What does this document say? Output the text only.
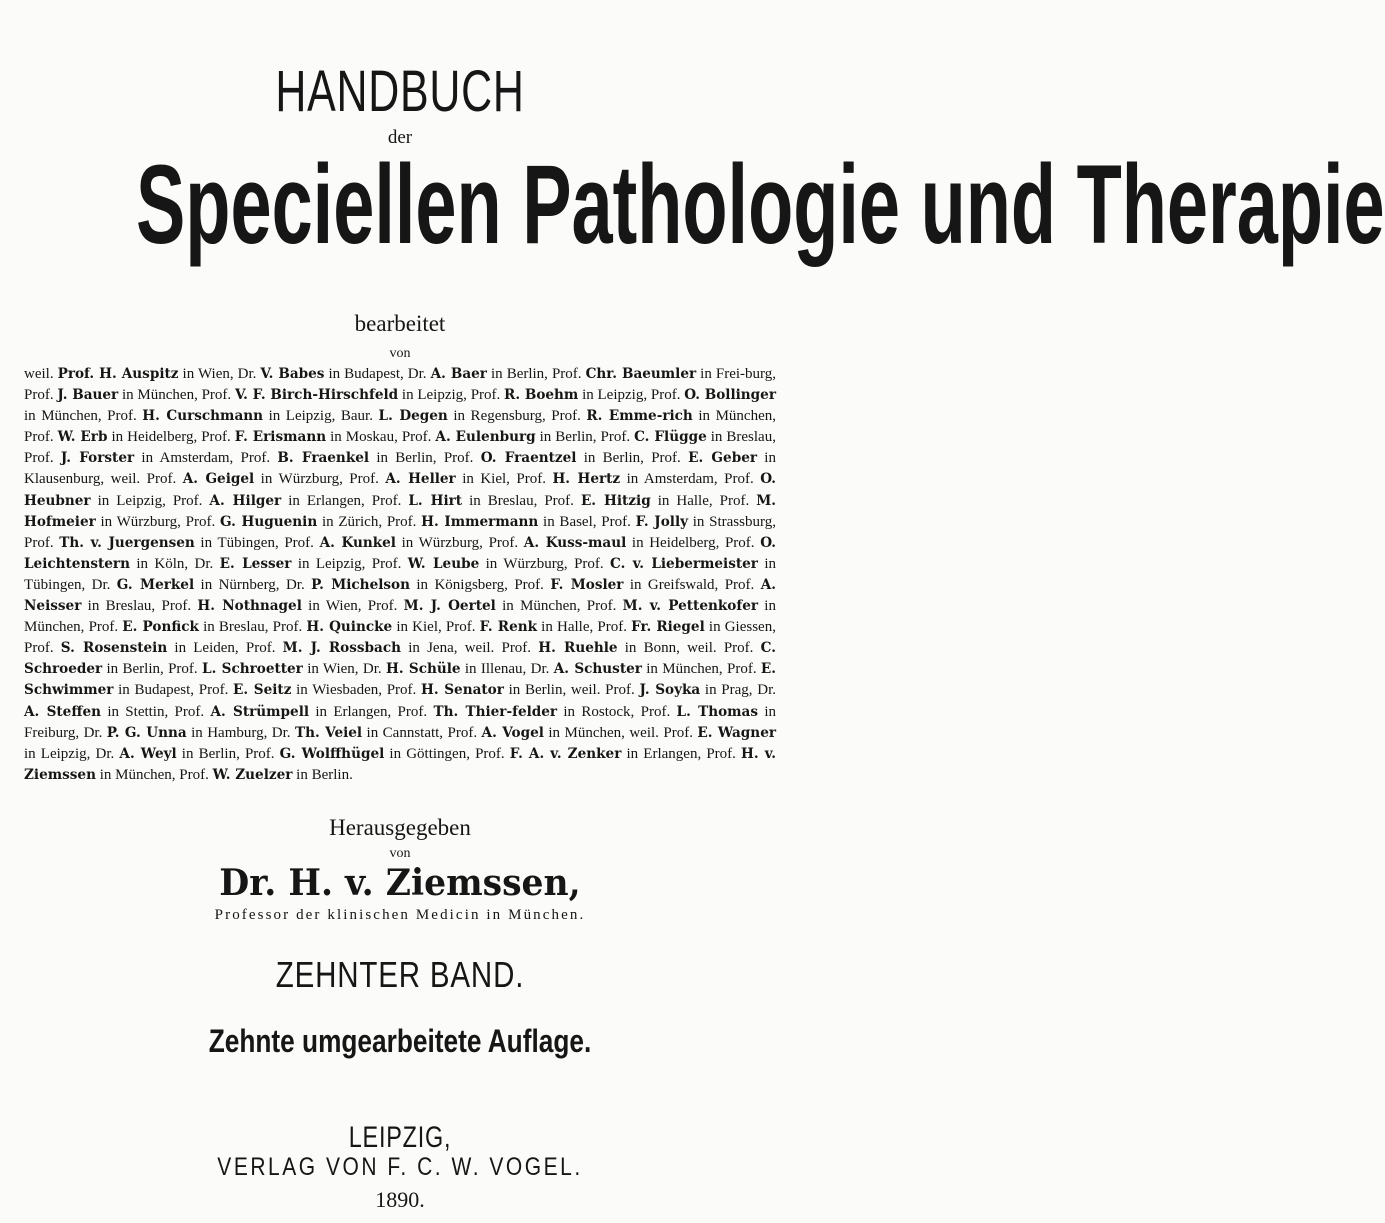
HANDBUCH
der
Speciellen Pathologie und Therapie
bearbeitet
von
weil. Prof. H. Auspitz in Wien, Dr. V. Babes in Budapest, Dr. A. Baer in Berlin, Prof. Chr. Baeumler in Frei-burg, Prof. J. Bauer in München, Prof. V. F. Birch-Hirschfeld in Leipzig, Prof. R. Boehm in Leipzig, Prof. O. Bollinger in München, Prof. H. Curschmann in Leipzig, Baur. L. Degen in Regensburg, Prof. R. Emme-rich in München, Prof. W. Erb in Heidelberg, Prof. F. Erismann in Moskau, Prof. A. Eulenburg in Berlin, Prof. C. Flügge in Breslau, Prof. J. Forster in Amsterdam, Prof. B. Fraenkel in Berlin, Prof. O. Fraentzel in Berlin, Prof. E. Geber in Klausenburg, weil. Prof. A. Geigel in Würzburg, Prof. A. Heller in Kiel, Prof. H. Hertz in Amsterdam, Prof. O. Heubner in Leipzig, Prof. A. Hilger in Erlangen, Prof. L. Hirt in Breslau, Prof. E. Hitzig in Halle, Prof. M. Hofmeier in Würzburg, Prof. G. Huguenin in Zürich, Prof. H. Immermann in Basel, Prof. F. Jolly in Strassburg, Prof. Th. v. Juergensen in Tübingen, Prof. A. Kunkel in Würzburg, Prof. A. Kuss-maul in Heidelberg, Prof. O. Leichtenstern in Köln, Dr. E. Lesser in Leipzig, Prof. W. Leube in Würzburg, Prof. C. v. Liebermeister in Tübingen, Dr. G. Merkel in Nürnberg, Dr. P. Michelson in Königsberg, Prof. F. Mosler in Greifswald, Prof. A. Neisser in Breslau, Prof. H. Nothnagel in Wien, Prof. M. J. Oertel in München, Prof. M. v. Pettenkofer in München, Prof. E. Ponfick in Breslau, Prof. H. Quincke in Kiel, Prof. F. Renk in Halle, Prof. Fr. Riegel in Giessen, Prof. S. Rosenstein in Leiden, Prof. M. J. Rossbach in Jena, weil. Prof. H. Ruehle in Bonn, weil. Prof. C. Schroeder in Berlin, Prof. L. Schroetter in Wien, Dr. H. Schüle in Illenau, Dr. A. Schuster in München, Prof. E. Schwimmer in Budapest, Prof. E. Seitz in Wiesbaden, Prof. H. Senator in Berlin, weil. Prof. J. Soyka in Prag, Dr. A. Steffen in Stettin, Prof. A. Strümpell in Erlangen, Prof. Th. Thier-felder in Rostock, Prof. L. Thomas in Freiburg, Dr. P. G. Unna in Hamburg, Dr. Th. Veiel in Cannstatt, Prof. A. Vogel in München, weil. Prof. E. Wagner in Leipzig, Dr. A. Weyl in Berlin, Prof. G. Wolffhügel in Göttingen, Prof. F. A. v. Zenker in Erlangen, Prof. H. v. Ziemssen in München, Prof. W. Zuelzer in Berlin.
Herausgegeben
von
Dr. H. v. Ziemssen,
Professor der klinischen Medicin in München.
ZEHNTER BAND.
Zehnte umgearbeitete Auflage.
LEIPZIG,
VERLAG VON F. C. W. VOGEL.
1890.
